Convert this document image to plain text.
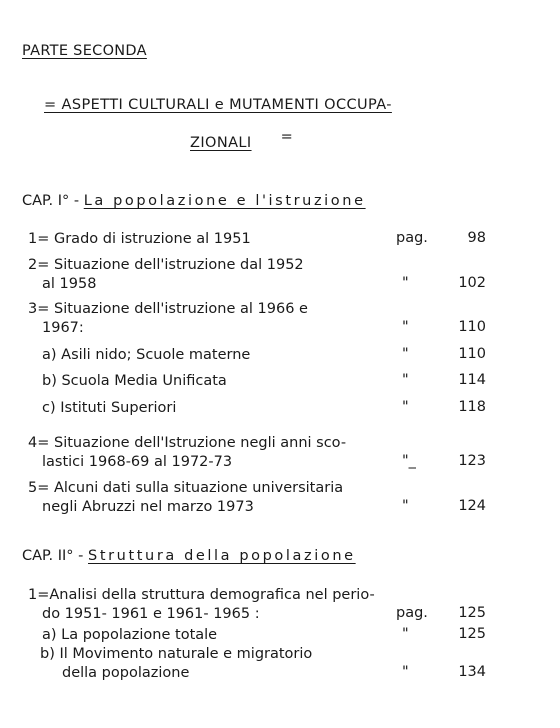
PARTE SECONDA
= ASPETTI CULTURALI e MUTAMENTI OCCUPA-
ZIONALI =
CAP. I° - La popolazione e l'istruzione
1= Grado di istruzione al 1951	pag.	98
2= Situazione dell'istruzione dal 1952
al 1958	"	102
3= Situazione dell'istruzione al 1966 e
1967:	"	110
a) Asili nido; Scuole materne	"	110
b) Scuola Media Unificata	"	114
c) Istituti Superiori	"	118
4= Situazione dell'Istruzione negli anni sco-
lastici 1968-69 al 1972-73	"_	123
5= Alcuni dati sulla situazione universitaria
negli Abruzzi nel marzo 1973	"	124
CAP. II° - Struttura della popolazione
1=Analisi della struttura demografica nel perio-
do 1951- 1961 e 1961- 1965 :	pag.	125
a) La popolazione totale	"	125
b) Il Movimento naturale e migratorio
della popolazione	"	134
